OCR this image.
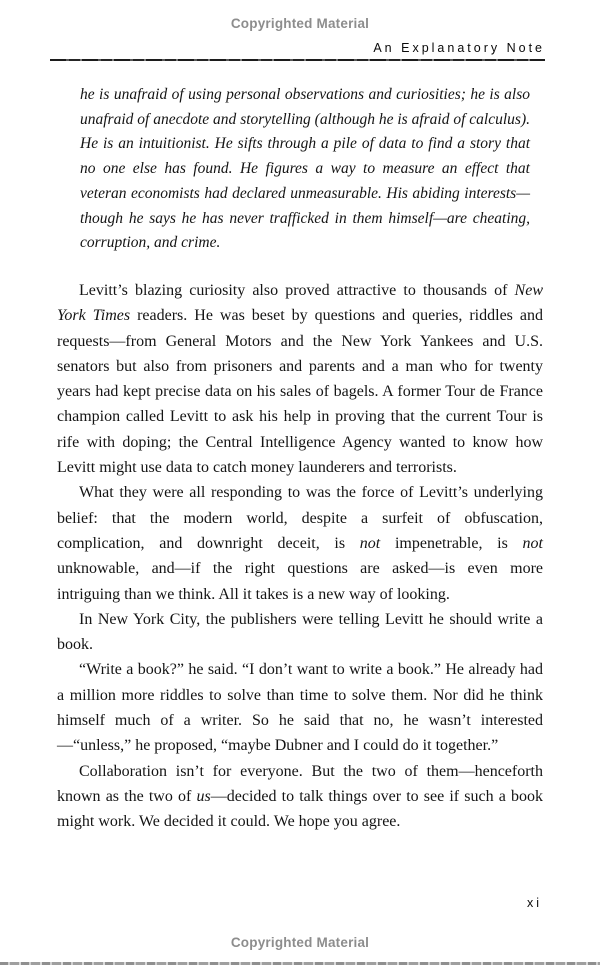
Copyrighted Material
An Explanatory Note
he is unafraid of using personal observations and curiosities; he is also unafraid of anecdote and storytelling (although he is afraid of calculus). He is an intuitionist. He sifts through a pile of data to find a story that no one else has found. He figures a way to measure an effect that veteran economists had declared unmeasurable. His abiding interests—though he says he has never trafficked in them himself—are cheating, corruption, and crime.

Levitt’s blazing curiosity also proved attractive to thousands of New York Times readers. He was beset by questions and queries, riddles and requests—from General Motors and the New York Yankees and U.S. senators but also from prisoners and parents and a man who for twenty years had kept precise data on his sales of bagels. A former Tour de France champion called Levitt to ask his help in proving that the current Tour is rife with doping; the Central Intelligence Agency wanted to know how Levitt might use data to catch money launderers and terrorists.

What they were all responding to was the force of Levitt’s underlying belief: that the modern world, despite a surfeit of obfuscation, complication, and downright deceit, is not impenetrable, is not unknowable, and—if the right questions are asked—is even more intriguing than we think. All it takes is a new way of looking.

In New York City, the publishers were telling Levitt he should write a book.

“Write a book?” he said. “I don’t want to write a book.” He already had a million more riddles to solve than time to solve them. Nor did he think himself much of a writer. So he said that no, he wasn’t interested—“unless,” he proposed, “maybe Dubner and I could do it together.”

Collaboration isn’t for everyone. But the two of them—henceforth known as the two of us—decided to talk things over to see if such a book might work. We decided it could. We hope you agree.

xi
Copyrighted Material
